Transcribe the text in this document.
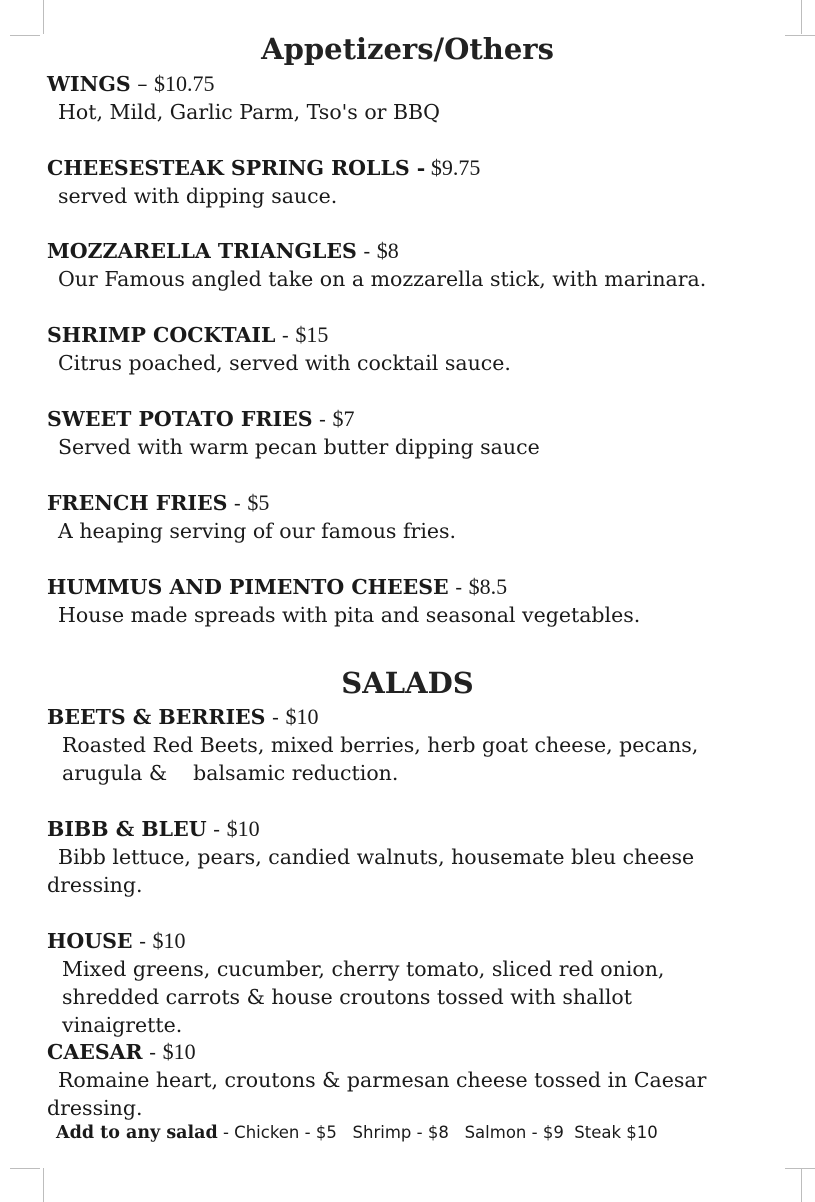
Appetizers/Others
WINGS – $10.75
Hot, Mild, Garlic Parm, Tso's or BBQ
CHEESESTEAK SPRING ROLLS - $9.75
served with dipping sauce.
MOZZARELLA TRIANGLES - $8
Our Famous angled take on a mozzarella stick, with marinara.
SHRIMP COCKTAIL - $15
Citrus poached, served with cocktail sauce.
SWEET POTATO FRIES - $7
Served with warm pecan butter dipping sauce
FRENCH FRIES - $5
A heaping serving of our famous fries.
HUMMUS AND PIMENTO CHEESE - $8.5
House made spreads with pita and seasonal vegetables.
SALADS
BEETS & BERRIES - $10
Roasted Red Beets, mixed berries, herb goat cheese, pecans,
arugula &    balsamic reduction.
BIBB & BLEU - $10
Bibb lettuce, pears, candied walnuts, housemate bleu cheese
dressing.
HOUSE - $10
Mixed greens, cucumber, cherry tomato, sliced red onion,
shredded carrots & house croutons tossed with shallot
vinaigrette.
CAESAR - $10
Romaine heart, croutons & parmesan cheese tossed in Caesar
dressing.
Add to any salad - Chicken - $5   Shrimp - $8   Salmon - $9  Steak $10
